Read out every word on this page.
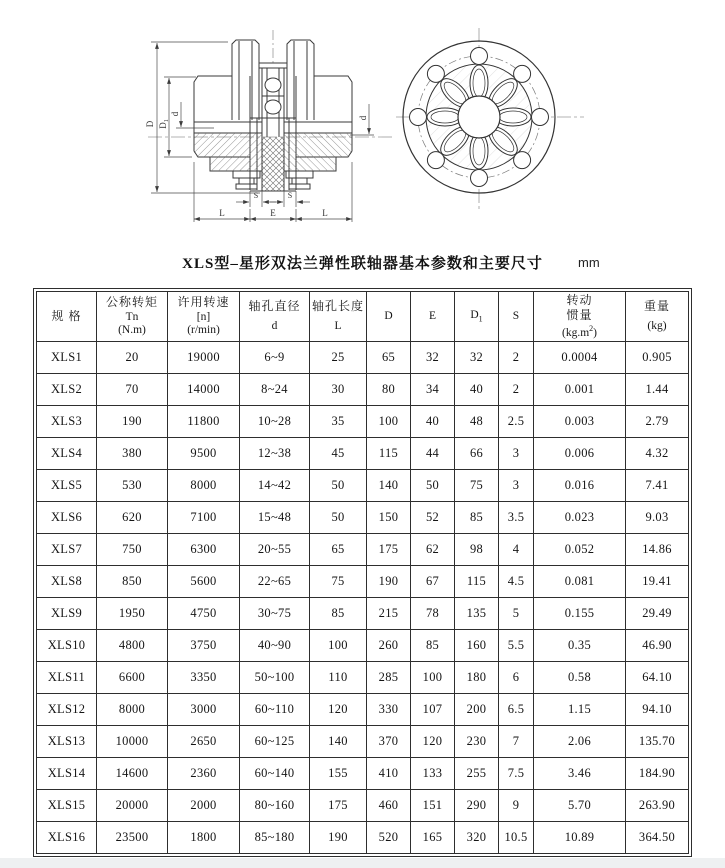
D $D_1$
d
d
S	S
L	E	L
XLS型–星形双法兰弹性联轴器基本参数和主要尺寸	mm
规 格

公称转矩
Tn
(N.m)

许用转速
[n]
(r/min)

轴孔直径
d

轴孔长度
L

D	E	$D_1$	S

转动
惯量
$(kg.m^2)$

重量
(kg)

XLS1	20	19000	6~9	25	65	32	32	2	0.0004	0.905
XLS2	70	14000	8~24	30	80	34	40	2	0.001	1.44
XLS3	190	11800	10~28	35	100	40	48	2.5	0.003	2.79
XLS4	380	9500	12~38	45	115	44	66	3	0.006	4.32
XLS5	530	8000	14~42	50	140	50	75	3	0.016	7.41
XLS6	620	7100	15~48	50	150	52	85	3.5	0.023	9.03
XLS7	750	6300	20~55	65	175	62	98	4	0.052	14.86
XLS8	850	5600	22~65	75	190	67	115	4.5	0.081	19.41
XLS9	1950	4750	30~75	85	215	78	135	5	0.155	29.49
XLS10	4800	3750	40~90	100	260	85	160	5.5	0.35	46.90
XLS11	6600	3350	50~100	110	285	100	180	6	0.58	64.10
XLS12	8000	3000	60~110	120	330	107	200	6.5	1.15	94.10
XLS13	10000	2650	60~125	140	370	120	230	7	2.06	135.70
XLS14	14600	2360	60~140	155	410	133	255	7.5	3.46	184.90
XLS15	20000	2000	80~160	175	460	151	290	9	5.70	263.90
XLS16	23500	1800	85~180	190	520	165	320	10.5	10.89	364.50
